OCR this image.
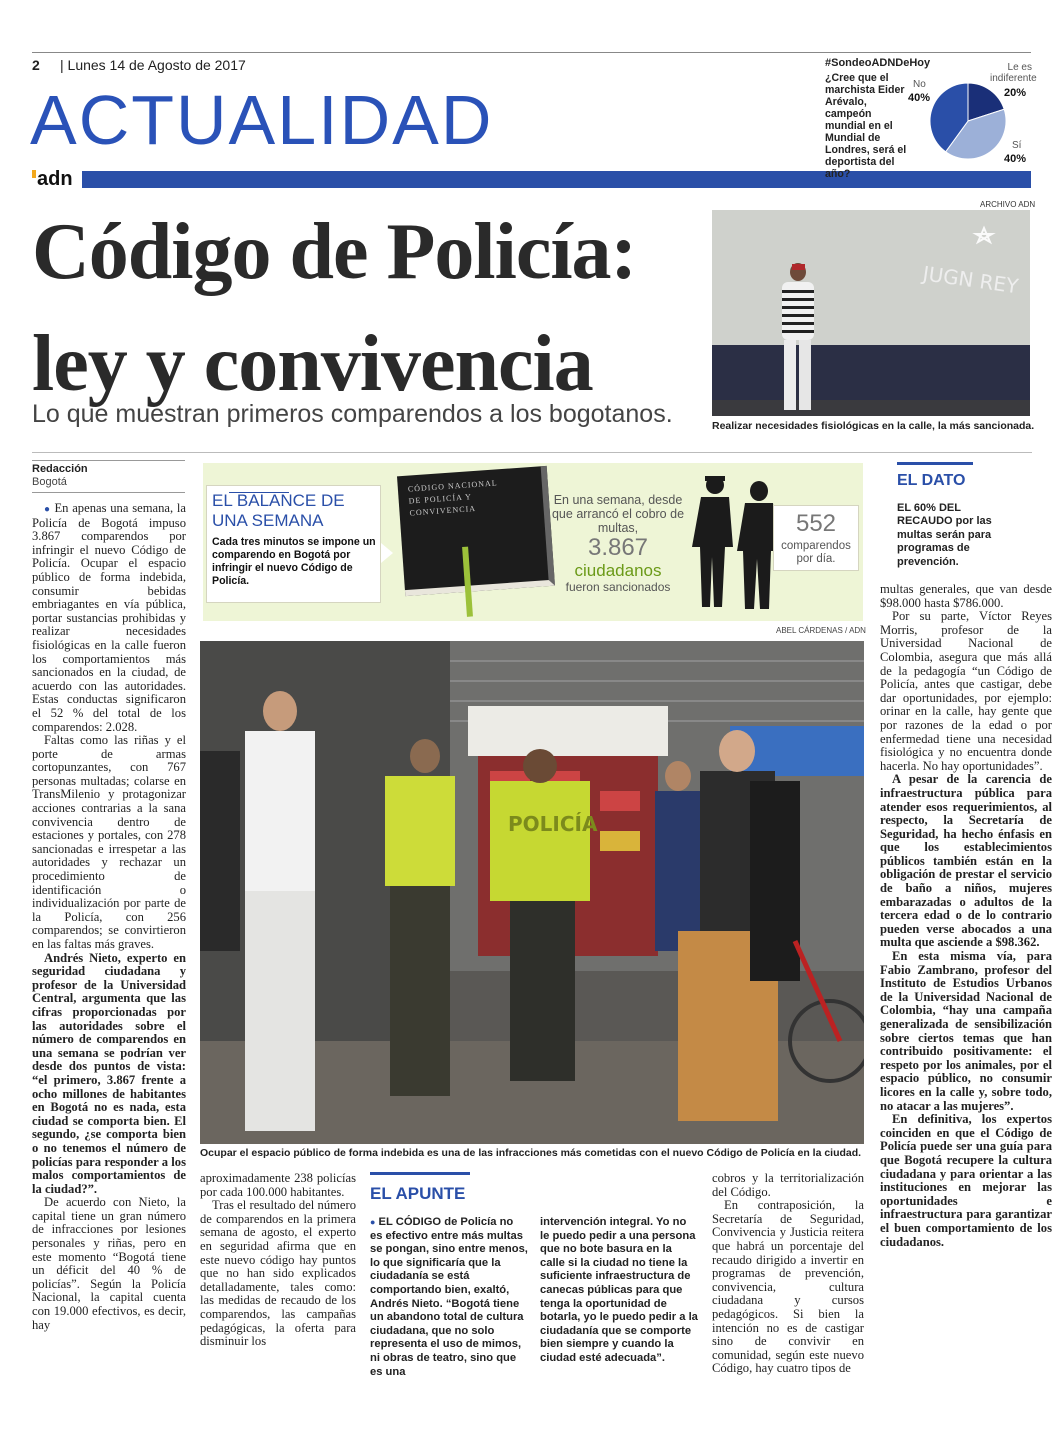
2 | Lunes 14 de Agosto de 2017
ACTUALIDAD
adn
#SondeoADNDeHoy
¿Cree que el marchista Eider Arévalo, campeón mundial en el Mundial de Londres, será el deportista del año?
No
40%
Le es indiferente
20%
Sí
40%
Código de Policía:
ley y convivencia
Lo que muestran primeros comparendos a los bogotanos.
ARCHIVO ADN
JUGN REY
Realizar necesidades fisiológicas en la calle, la más sancionada.
Redacción
Bogotá

● En apenas una semana, la Policía de Bogotá impuso 3.867 comparendos por infringir el nuevo Código de Policía. Ocupar el espacio público de forma indebida, consumir bebidas embriagantes en vía pública, portar sustancias prohibidas y realizar necesidades fisiológicas en la calle fueron los comportamientos más sancionados en la ciudad, de acuerdo con las autoridades. Estas conductas significaron el 52 % del total de los comparendos: 2.028.

Faltas como las riñas y el porte de armas cortopunzantes, con 767 personas multadas; colarse en TransMilenio y protagonizar acciones contrarias a la sana convivencia dentro de estaciones y portales, con 278 sancionadas e irrespetar a las autoridades y rechazar un procedimiento de identificación o individualización por parte de la Policía, con 256 comparendos; se convirtieron en las faltas más graves.

Andrés Nieto, experto en seguridad ciudadana y profesor de la Universidad Central, argumenta que las cifras proporcionadas por las autoridades sobre el número de comparendos en una semana se podrían ver desde dos puntos de vista: “el primero, 3.867 frente a ocho millones de habitantes en Bogotá no es nada, esta ciudad se comporta bien. El segundo, ¿se comporta bien o no tenemos el número de policías para responder a los malos comportamientos de la ciudad?”.

De acuerdo con Nieto, la capital tiene un gran número de infracciones por lesiones personales y riñas, pero en este momento “Bogotá tiene un déficit del 40 % de policías”. Según la Policía Nacional, la capital cuenta con 19.000 efectivos, es decir, hay

EL BALANCE DE UNA SEMANA
Cada tres minutos se impone un comparendo en Bogotá por infringir el nuevo Código de Policía.
CÓDIGO NACIONAL DE POLICÍA Y CONVIVENCIA
En una semana, desde que arrancó el cobro de multas,
3.867
ciudadanos
fueron sancionados
552
comparendos por día.
ABEL CÁRDENAS / ADN
POLICÍA
Ocupar el espacio público de forma indebida es una de las infracciones más cometidas con el nuevo Código de Policía en la ciudad.

aproximadamente 238 policías por cada 100.000 habitantes.

Tras el resultado del número de comparendos en la primera semana de agosto, el experto en seguridad afirma que en este nuevo código hay puntos que no han sido explicados detalladamente, tales como: las medidas de recaudo de los comparendos, las campañas pedagógicas, la oferta para disminuir los

EL APUNTE
● EL CÓDIGO de Policía no es efectivo entre más multas se pongan, sino entre menos, lo que significaría que la ciudadanía se está comportando bien, exaltó, Andrés Nieto. “Bogotá tiene un abandono total de cultura ciudadana, que no solo representa el uso de mimos, ni obras de teatro, sino que es una
intervención integral. Yo no le puedo pedir a una persona que no bote basura en la calle si la ciudad no tiene la suficiente infraestructura de canecas públicas para que tenga la oportunidad de botarla, yo le puedo pedir a la ciudadanía que se comporte bien siempre y cuando la ciudad esté adecuada”.

cobros y la territorialización del Código.

En contraposición, la Secretaría de Seguridad, Convivencia y Justicia reitera que habrá un porcentaje del recaudo dirigido a invertir en programas de prevención, convivencia, cultura ciudadana y cursos pedagógicos. Si bien la intención no es de castigar sino de convivir en comunidad, según este nuevo Código, hay cuatro tipos de

EL DATO
EL 60% DEL RECAUDO por las multas serán para programas de prevención.

multas generales, que van desde $98.000 hasta $786.000.

Por su parte, Víctor Reyes Morris, profesor de la Universidad Nacional de Colombia, asegura que más allá de la pedagogía “un Código de Policía, antes que castigar, debe dar oportunidades, por ejemplo: orinar en la calle, hay gente que por razones de la edad o por enfermedad tiene una necesidad fisiológica y no encuentra donde hacerla. No hay oportunidades”.

A pesar de la carencia de infraestructura pública para atender esos requerimientos, al respecto, la Secretaría de Seguridad, ha hecho énfasis en que los establecimientos públicos también están en la obligación de prestar el servicio de baño a niños, mujeres embarazadas o adultos de la tercera edad o de lo contrario pueden verse abocados a una multa que asciende a $98.362.

En esta misma vía, para Fabio Zambrano, profesor del Instituto de Estudios Urbanos de la Universidad Nacional de Colombia, “hay una campaña generalizada de sensibilización sobre ciertos temas que han contribuido positivamente: el respeto por los animales, por el espacio público, no consumir licores en la calle y, sobre todo, no atacar a las mujeres”.

En definitiva, los expertos coinciden en que el Código de Policía puede ser una guía para que Bogotá recupere la cultura ciudadana y para orientar a las instituciones en mejorar las oportunidades e infraestructura para garantizar el buen comportamiento de los ciudadanos.
